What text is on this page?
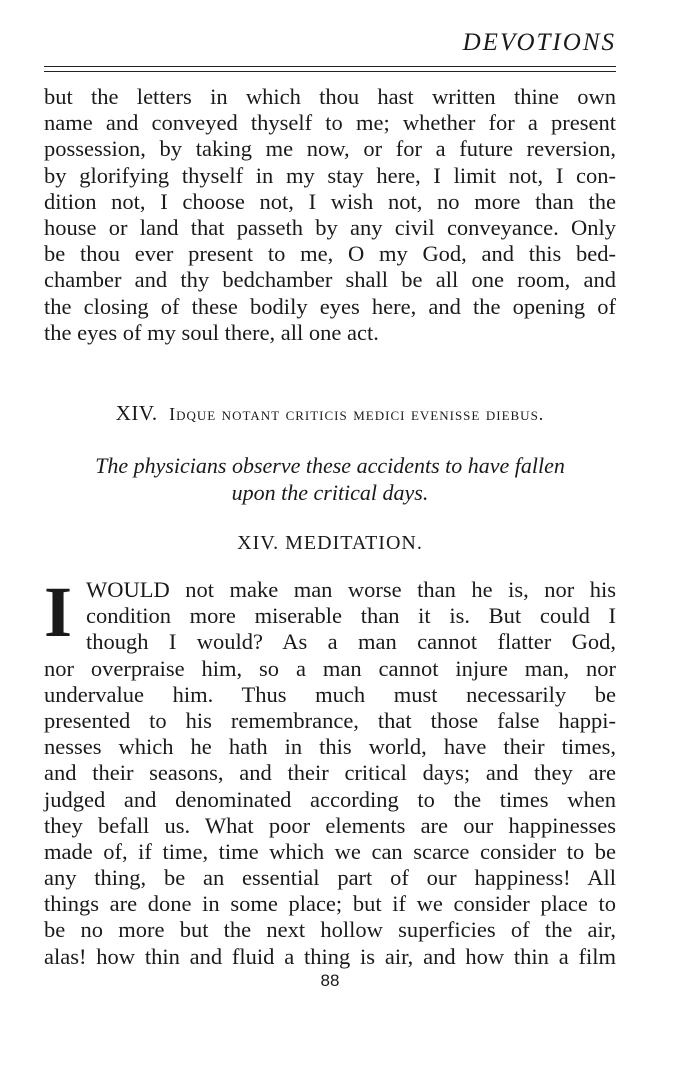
DEVOTIONS
but the letters in which thou hast written thine own
name and conveyed thyself to me; whether for a present
possession, by taking me now, or for a future reversion,
by glorifying thyself in my stay here, I limit not, I con-
dition not, I choose not, I wish not, no more than the
house or land that passeth by any civil conveyance. Only
be thou ever present to me, O my God, and this bed-
chamber and thy bedchamber shall be all one room, and
the closing of these bodily eyes here, and the opening of
the eyes of my soul there, all one act.
XIV. Idque notant criticis medici evenisse diebus.
The physicians observe these accidents to have fallen
upon the critical days.
XIV. MEDITATION.
I WOULD not make man worse than he is, nor his
condition more miserable than it is. But could I
though I would? As a man cannot flatter God,
nor overpraise him, so a man cannot injure man, nor
undervalue him. Thus much must necessarily be
presented to his remembrance, that those false happi-
nesses which he hath in this world, have their times,
and their seasons, and their critical days; and they are
judged and denominated according to the times when
they befall us. What poor elements are our happinesses
made of, if time, time which we can scarce consider to be
any thing, be an essential part of our happiness! All
things are done in some place; but if we consider place to
be no more but the next hollow superficies of the air,
alas! how thin and fluid a thing is air, and how thin a film
88
